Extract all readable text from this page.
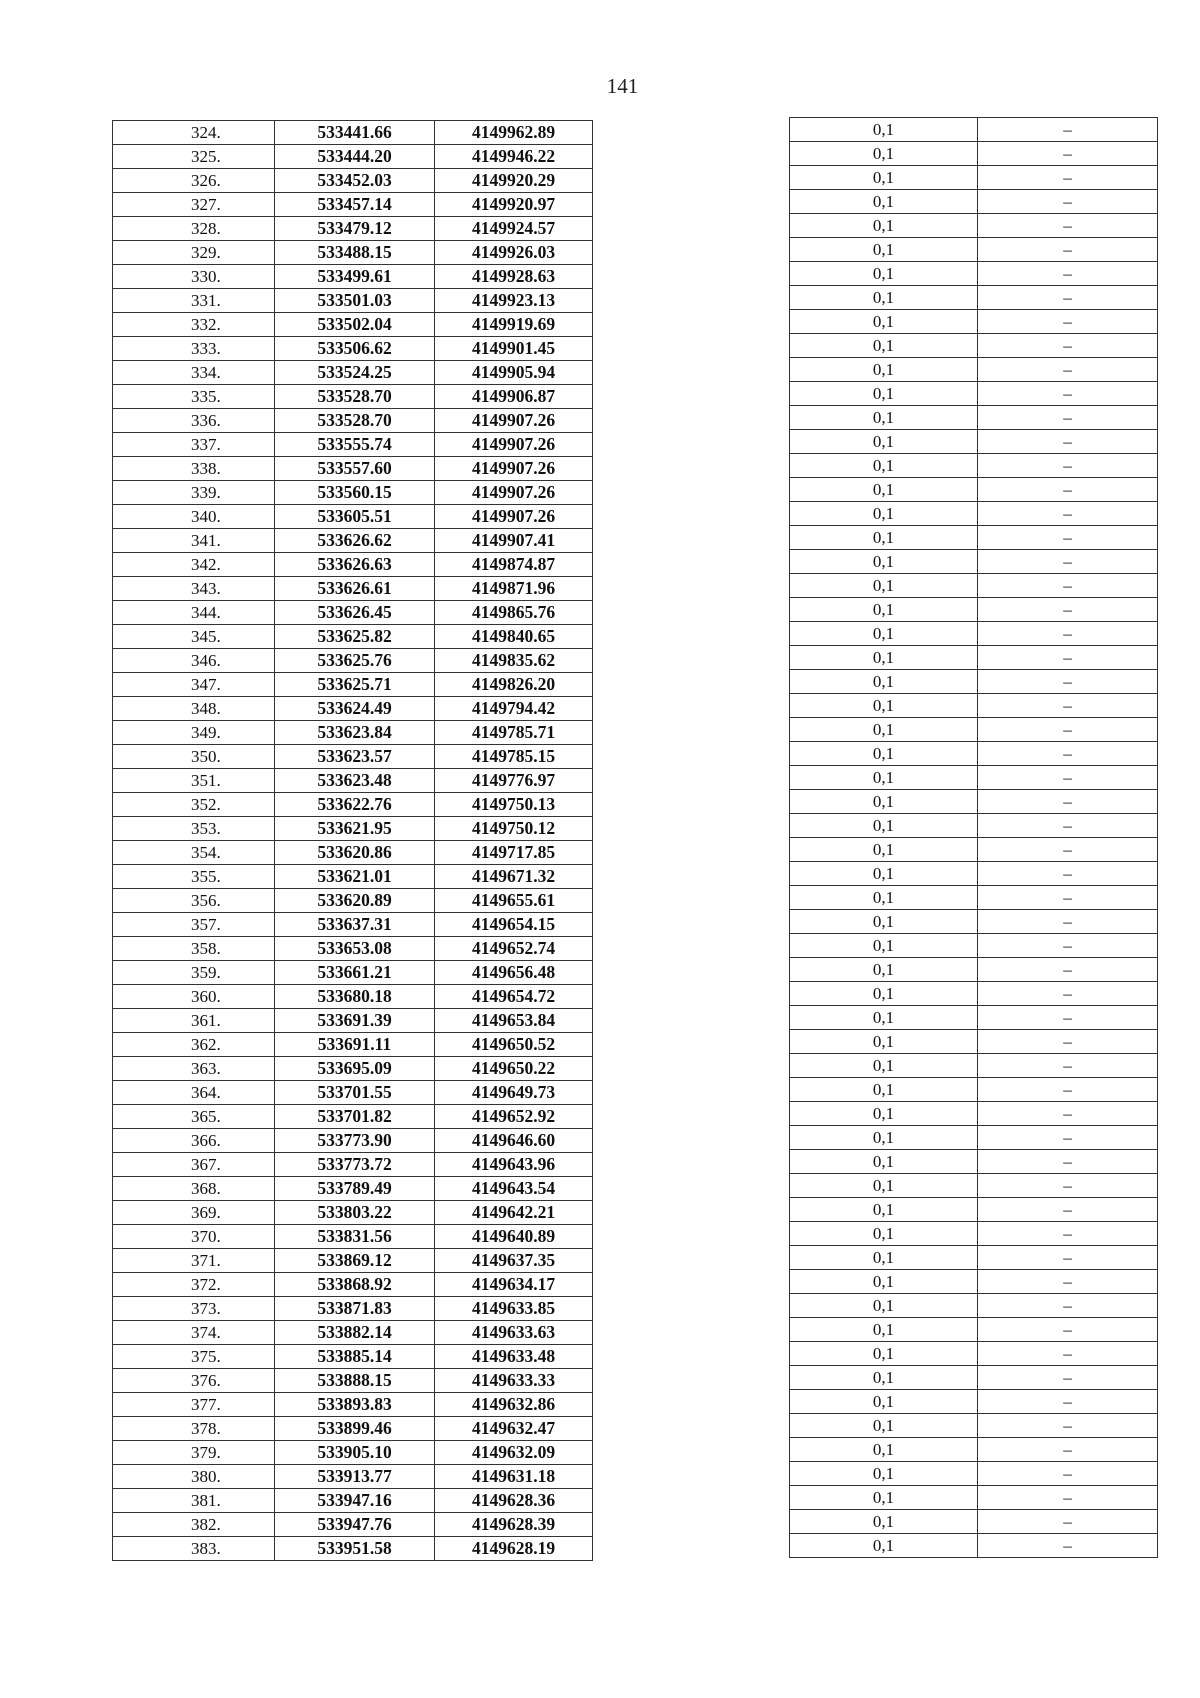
141
324.	533441.66	4149962.89
325.	533444.20	4149946.22
326.	533452.03	4149920.29
327.	533457.14	4149920.97
328.	533479.12	4149924.57
329.	533488.15	4149926.03
330.	533499.61	4149928.63
331.	533501.03	4149923.13
332.	533502.04	4149919.69
333.	533506.62	4149901.45
334.	533524.25	4149905.94
335.	533528.70	4149906.87
336.	533528.70	4149907.26
337.	533555.74	4149907.26
338.	533557.60	4149907.26
339.	533560.15	4149907.26
340.	533605.51	4149907.26
341.	533626.62	4149907.41
342.	533626.63	4149874.87
343.	533626.61	4149871.96
344.	533626.45	4149865.76
345.	533625.82	4149840.65
346.	533625.76	4149835.62
347.	533625.71	4149826.20
348.	533624.49	4149794.42
349.	533623.84	4149785.71
350.	533623.57	4149785.15
351.	533623.48	4149776.97
352.	533622.76	4149750.13
353.	533621.95	4149750.12
354.	533620.86	4149717.85
355.	533621.01	4149671.32
356.	533620.89	4149655.61
357.	533637.31	4149654.15
358.	533653.08	4149652.74
359.	533661.21	4149656.48
360.	533680.18	4149654.72
361.	533691.39	4149653.84
362.	533691.11	4149650.52
363.	533695.09	4149650.22
364.	533701.55	4149649.73
365.	533701.82	4149652.92
366.	533773.90	4149646.60
367.	533773.72	4149643.96
368.	533789.49	4149643.54
369.	533803.22	4149642.21
370.	533831.56	4149640.89
371.	533869.12	4149637.35
372.	533868.92	4149634.17
373.	533871.83	4149633.85
374.	533882.14	4149633.63
375.	533885.14	4149633.48
376.	533888.15	4149633.33
377.	533893.83	4149632.86
378.	533899.46	4149632.47
379.	533905.10	4149632.09
380.	533913.77	4149631.18
381.	533947.16	4149628.36
382.	533947.76	4149628.39
383.	533951.58	4149628.19
0,1	–
0,1	–
0,1	–
0,1	–
0,1	–
0,1	–
0,1	–
0,1	–
0,1	–
0,1	–
0,1	–
0,1	–
0,1	–
0,1	–
0,1	–
0,1	–
0,1	–
0,1	–
0,1	–
0,1	–
0,1	–
0,1	–
0,1	–
0,1	–
0,1	–
0,1	–
0,1	–
0,1	–
0,1	–
0,1	–
0,1	–
0,1	–
0,1	–
0,1	–
0,1	–
0,1	–
0,1	–
0,1	–
0,1	–
0,1	–
0,1	–
0,1	–
0,1	–
0,1	–
0,1	–
0,1	–
0,1	–
0,1	–
0,1	–
0,1	–
0,1	–
0,1	–
0,1	–
0,1	–
0,1	–
0,1	–
0,1	–
0,1	–
0,1	–
0,1	–
